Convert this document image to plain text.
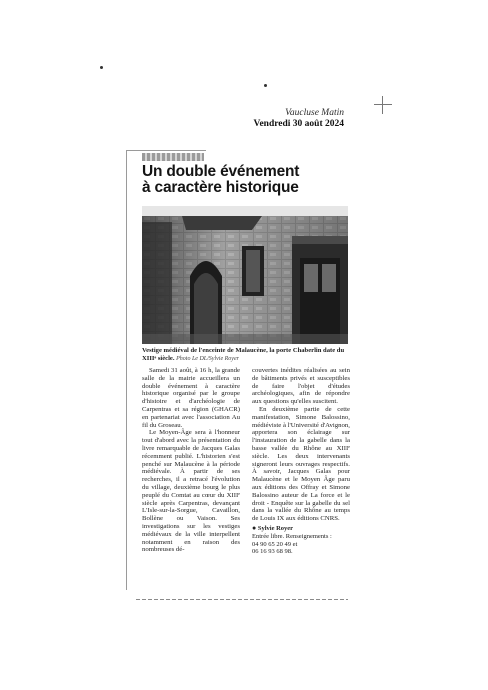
Vaucluse Matin
Vendredi 30 août 2024
Un double événement
à caractère historique
Vestige médiéval de l'enceinte de Malaucène, la porte Chaberlin date du XIIIᵉ siècle. Photo Le DL/Sylvie Royer

Samedi 31 août, à 16 h, la grande salle de la mairie accueillera un double événement à caractère historique organisé par le groupe d'histoire et d'archéologie de Carpentras et sa région (GHACR) en partenariat avec l'association Au fil du Groseau.

Le Moyen-Âge sera à l'honneur tout d'abord avec la présentation du livre remarquable de Jacques Galas récemment publié. L'historien s'est penché sur Malaucène à la période médiévale. À partir de ses recherches, il a retracé l'évolution du village, deuxième bourg le plus peuplé du Comtat au cœur du XIIIᵉ siècle après Carpentras, devançant L'Isle-sur-la-Sorgue, Cavaillon, Bollène ou Vaison. Ses investigations sur les vestiges médiévaux de la ville interpellent notamment en raison des nombreuses dé-

couvertes inédites réalisées au sein de bâtiments privés et susceptibles de faire l'objet d'études archéologiques, afin de répondre aux questions qu'elles suscitent.

En deuxième partie de cette manifestation, Simone Balossino, médiéviste à l'Université d'Avignon, apportera son éclairage sur l'instauration de la gabelle dans la basse vallée du Rhône au XIIIᵉ siècle. Les deux intervenants signeront leurs ouvrages respectifs. À savoir, Jacques Galas pour Malaucène et le Moyen Âge paru aux éditions des Offray et Simone Balossino auteur de La force et le droit - Enquête sur la gabelle du sel dans la vallée du Rhône au temps de Louis IX aux éditions CNRS.

● Sylvie Royer
Entrée libre. Renseignements :
04 90 65 20 49 et
06 16 93 68 98.
